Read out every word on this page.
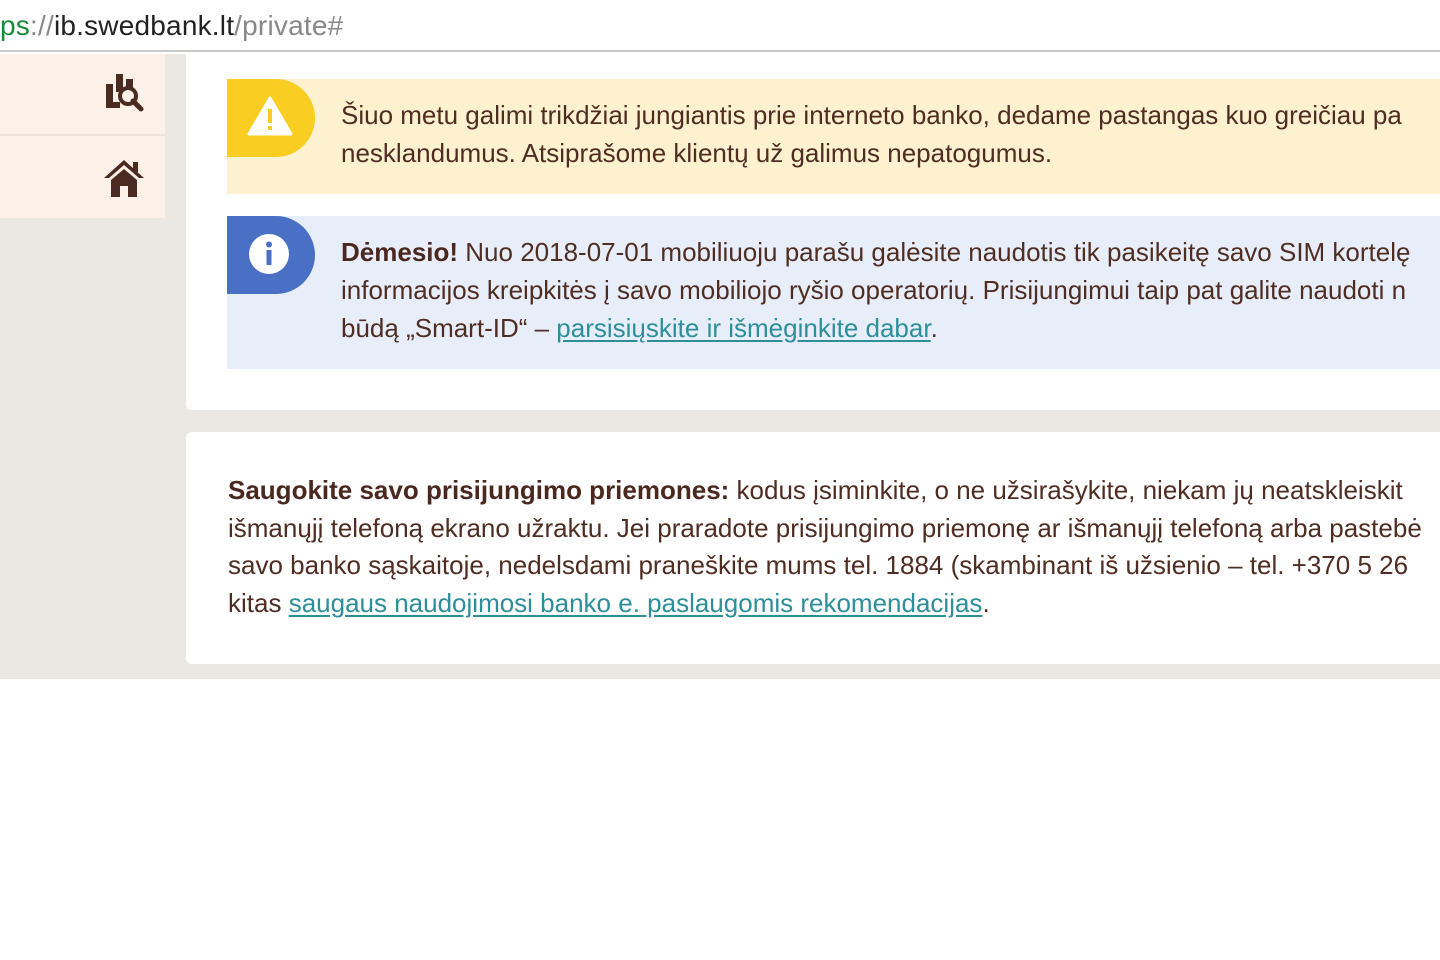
ps://ib.swedbank.lt/private#
Šiuo metu galimi trikdžiai jungiantis prie interneto banko, dedame pastangas kuo greičiau pa
nesklandumus. Atsiprašome klientų už galimus nepatogumus.
Dėmesio! Nuo 2018-07-01 mobiliuoju parašu galėsite naudotis tik pasikeitę savo SIM kortelę
informacijos kreipkitės į savo mobiliojo ryšio operatorių. Prisijungimui taip pat galite naudoti n
būdą „Smart-ID“ – parsisiųskite ir išmėginkite dabar.
Saugokite savo prisijungimo priemones: kodus įsiminkite, o ne užsirašykite, niekam jų neatskleiskit
išmanųjį telefoną ekrano užraktu. Jei praradote prisijungimo priemonę ar išmanųjį telefoną arba pastebė
savo banko sąskaitoje, nedelsdami praneškite mums tel. 1884 (skambinant iš užsienio – tel. +370 5 26
kitas saugaus naudojimosi banko e. paslaugomis rekomendacijas.
